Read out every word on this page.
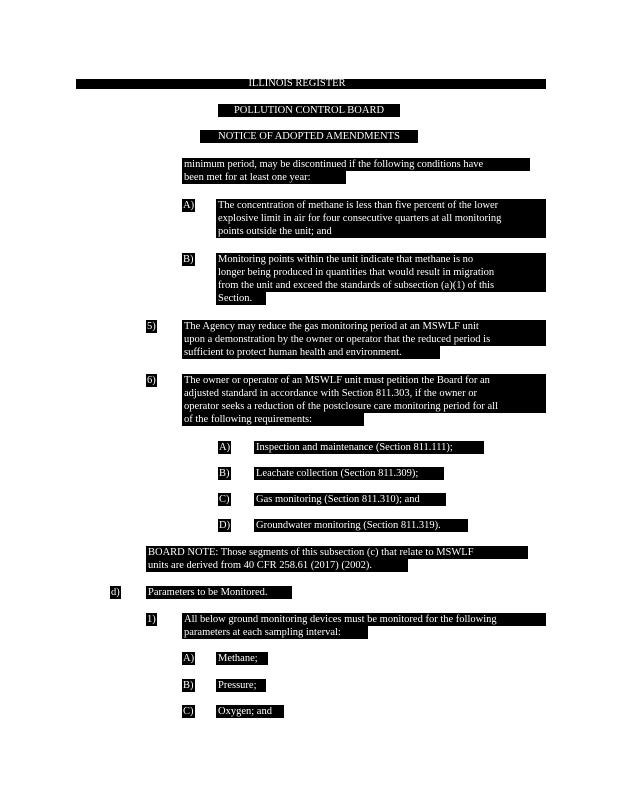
ILLINOIS REGISTER
POLLUTION CONTROL BOARD
NOTICE OF ADOPTED AMENDMENTS
minimum period, may be discontinued if the following conditions have
been met for at least one year:
A) The concentration of methane is less than five percent of the lower
explosive limit in air for four consecutive quarters at all monitoring
points outside the unit; and
B) Monitoring points within the unit indicate that methane is no
longer being produced in quantities that would result in migration
from the unit and exceed the standards of subsection (a)(1) of this
Section.
5)	The Agency may reduce the gas monitoring period at an MSWLF unit
upon a demonstration by the owner or operator that the reduced period is
sufficient to protect human health and environment.
6)	The owner or operator of an MSWLF unit must petition the Board for an
adjusted standard in accordance with Section 811.303, if the owner or
operator seeks a reduction of the postclosure care monitoring period for all
of the following requirements:
A) Inspection and maintenance (Section 811.111);
B)	Leachate collection (Section 811.309);
C)	Gas monitoring (Section 811.310); and
D) Groundwater monitoring (Section 811.319).
BOARD NOTE: Those segments of this subsection (c) that relate to MSWLF
units are derived from 40 CFR 258.61 (2017) (2002).
d)	Parameters to be Monitored.
1)	All below ground monitoring devices must be monitored for the following
parameters at each sampling interval:
A) Methane;
B) Pressure;
C) Oxygen; and
